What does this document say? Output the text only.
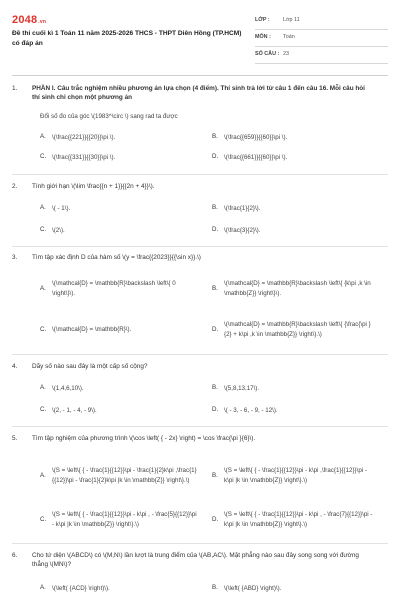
2048.vn
Đề thi cuối kì 1 Toán 11 năm 2025-2026 THCS - THPT Diên Hồng (TP.HCM) có đáp án
LỚP :	Lớp 11
MÔN :	Toán
SỐ CÂU : 23
1. PHẦN I. Câu trắc nghiệm nhiều phương án lựa chọn (4 điểm). Thí sinh trả lời từ câu 1 đến câu 16. Mỗi câu hỏi thí sinh chỉ chọn một phương án
Đổi số đo của góc \(1983^\circ \) sang rad ta được
A. \(\frac{{221}}{{20}}\pi \).	B. \(\frac{{659}}{{60}}\pi \).
C. \(\frac{{331}}{{30}}\pi \).	D. \(\frac{{661}}{{60}}\pi \).
2. Tính giới hạn \(\lim \frac{{n + 1}}{{2n + 4}}\).
A. \( - 1\).	B. \(\frac{1}{2}\).
C. \(2\).	D. \(\frac{3}{2}\).
3. Tìm tập xác định D của hàm số \(y = \frac{{2023}}{{\sin x}}.\)
A.
\(\mathcal{D} = \mathbb{R}\backslash \left\{ 0 \right\}\).
B.
\(\mathcal{D} = \mathbb{R}\backslash \left\{ {k\pi ,k \in \mathbb{Z}} \right\}\).
C. \(\mathcal{D} = \mathbb{R}\).	D.
\(\mathcal{D} = \mathbb{R}\backslash \left\{ {\frac{\pi }{2} + k\pi ,k \in \mathbb{Z}} \right\}.\)
4. Dãy số nào sau đây là một cấp số cộng?
A. \(1,4,6,10\).	B. \(5,8,13,17\).
C. \(2, - 1, - 4, - 9\).	D. \( - 3, - 6, - 9, - 12\).
5. Tìm tập nghiệm của phương trình \(\cos \left( { - 2x} \right) = \cos \frac{\pi }{6}\).
A.
\(S = \left\{ { - \frac{1}{{12}}\pi - \frac{1}{2}k\pi ,\frac{1}{{12}}\pi - \frac{1}{2}k\pi |k \in \mathbb{Z}} \right\}.\)
B.
\(S = \left\{ { - \frac{1}{{12}}\pi - k\pi ,\frac{1}{{12}}\pi - k\pi |k \in \mathbb{Z}} \right\}.\)
C.
\(S = \left\{ { - \frac{1}{{12}}\pi - k\pi , - \frac{5}{{12}}\pi - k\pi |k \in \mathbb{Z}} \right\}.\)
D.
\(S = \left\{ { - \frac{1}{{12}}\pi - k\pi , - \frac{7}{{12}}\pi - k\pi |k \in \mathbb{Z}} \right\}.\)
6. Cho tứ diện \(ABCD\) có \(M,N\) lần lượt là trung điểm của \(AB,AC\). Mặt phẳng nào sau đây song song với đường thẳng \(MN\)?
A. \(\left( {ACD} \right)\).	B. \(\left( {ABD} \right)\).
